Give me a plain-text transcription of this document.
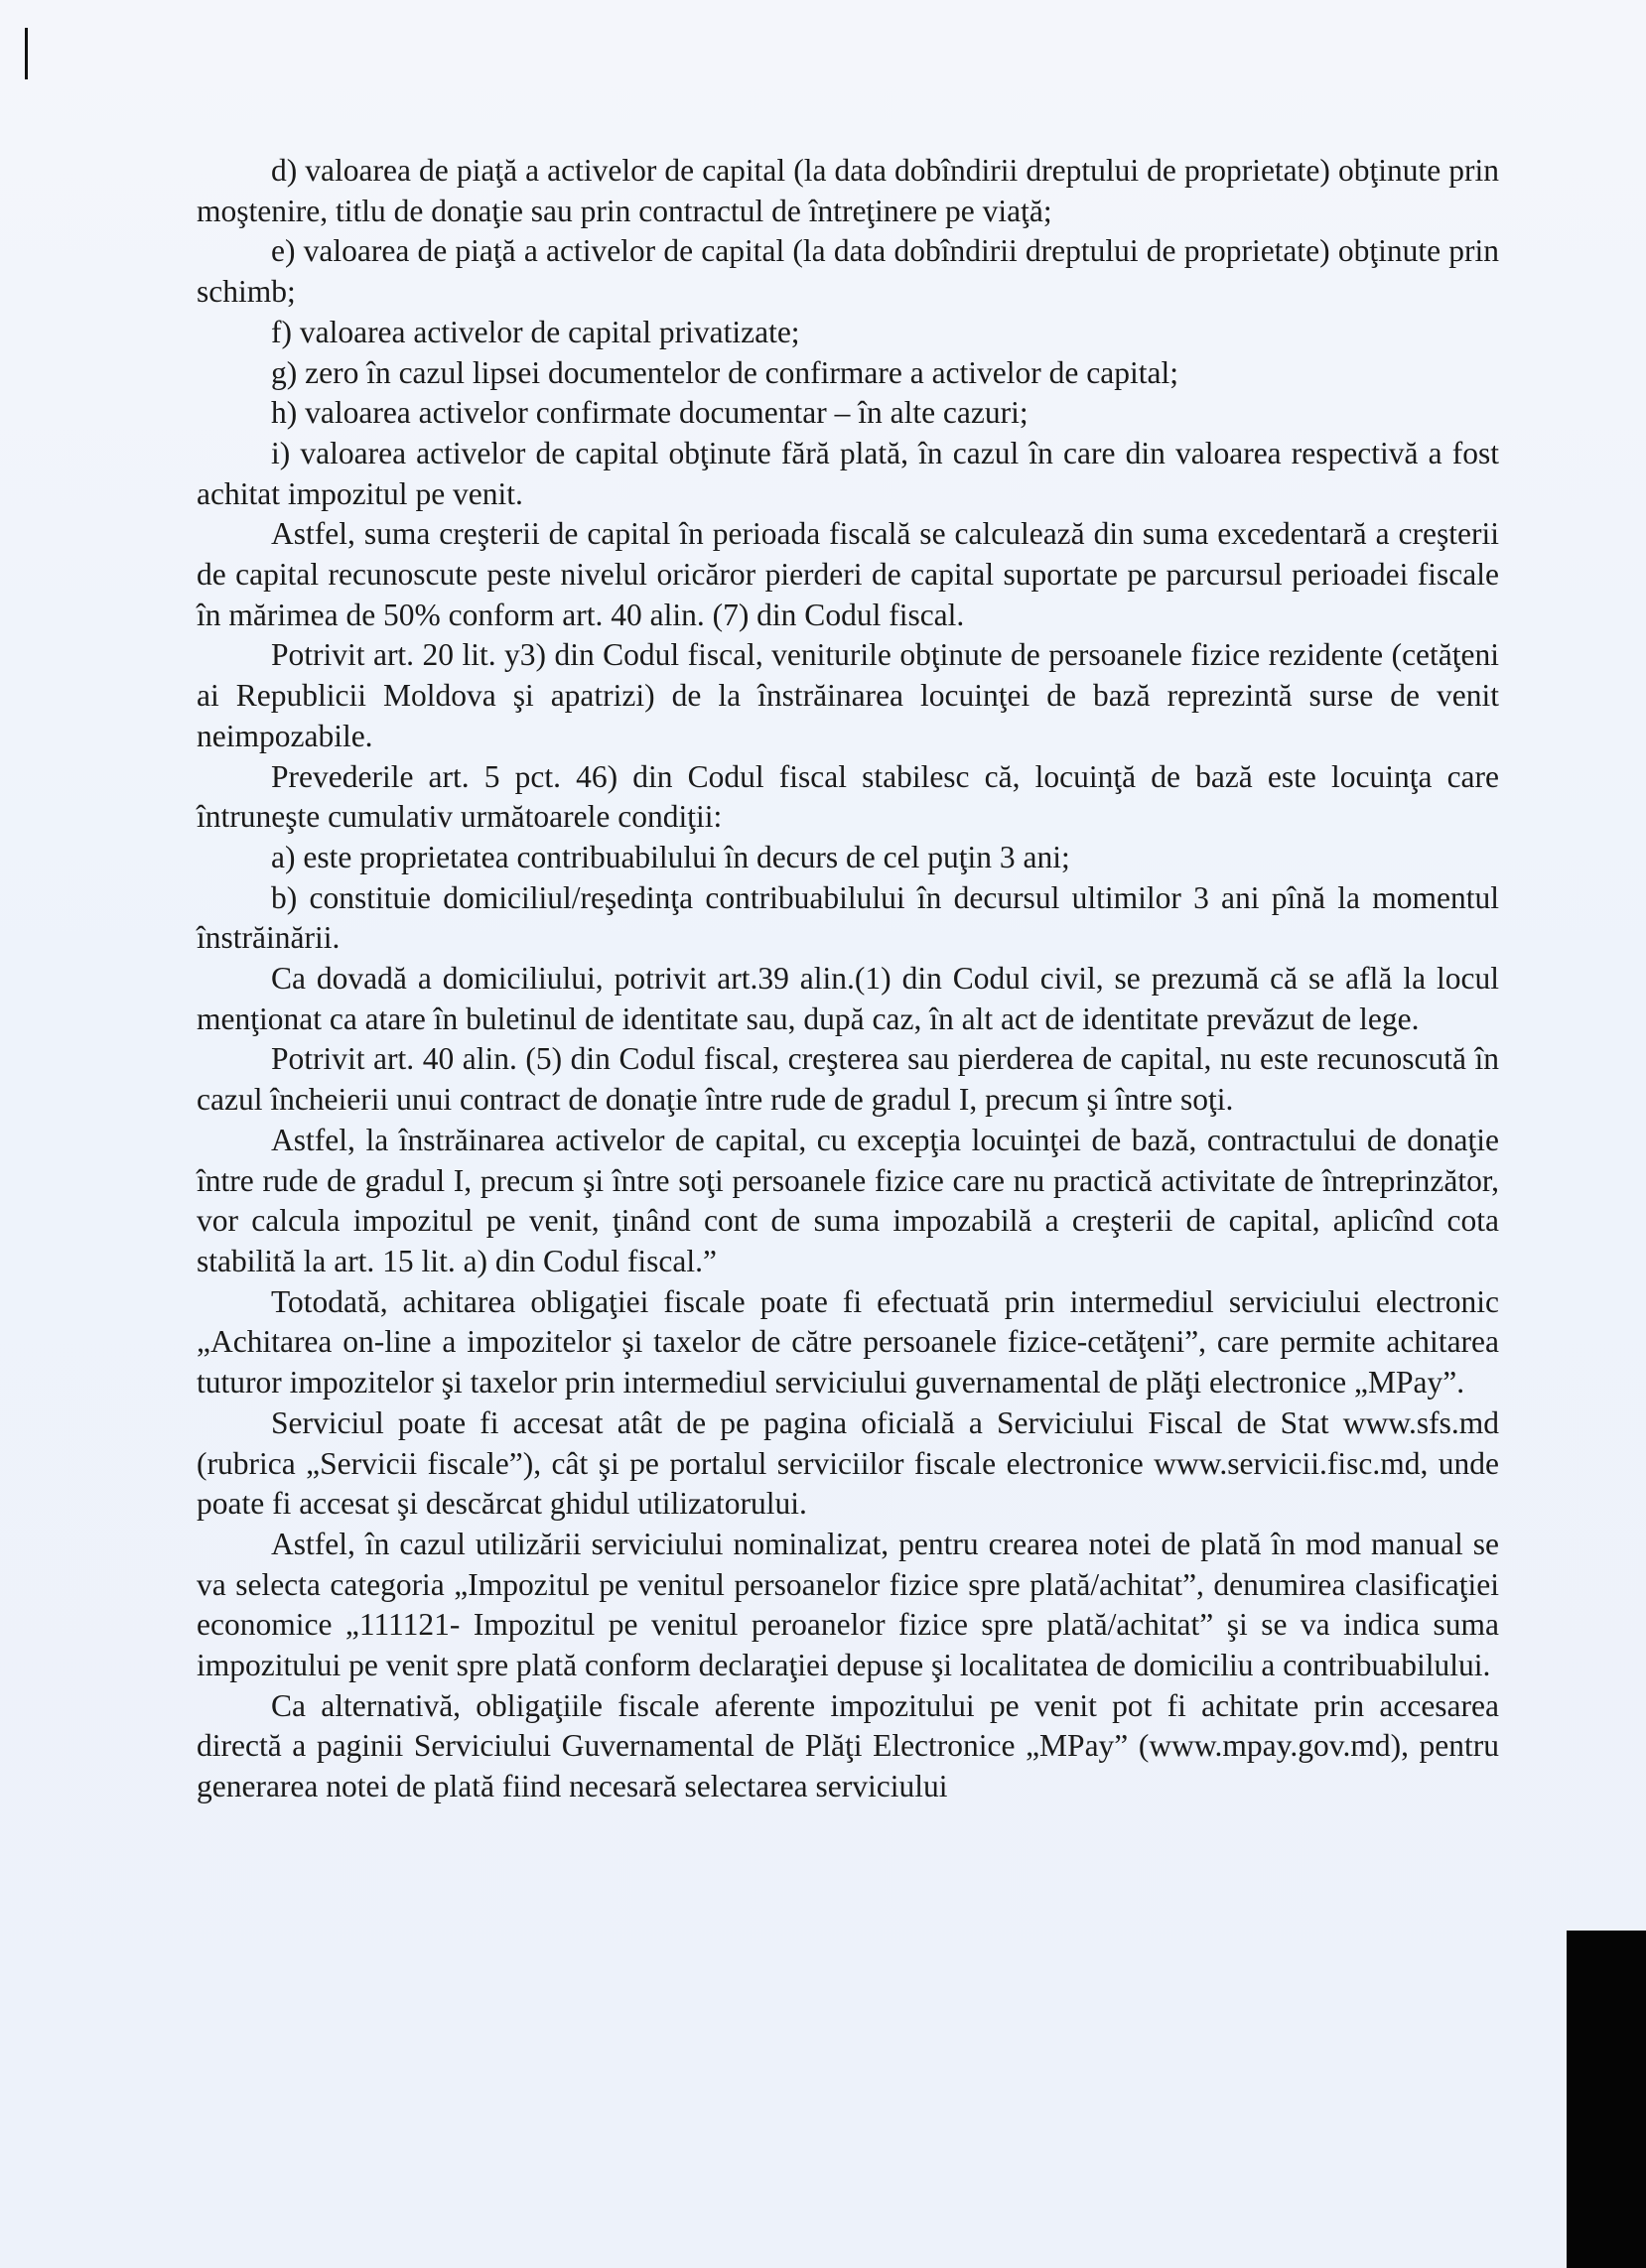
d) valoarea de piaţă a activelor de capital (la data dobîndirii dreptului de proprietate) obţinute prin moştenire, titlu de donaţie sau prin contractul de întreţinere pe viaţă;

e) valoarea de piaţă a activelor de capital (la data dobîndirii dreptului de proprietate) obţinute prin schimb;

f) valoarea activelor de capital privatizate;

g) zero în cazul lipsei documentelor de confirmare a activelor de capital;

h) valoarea activelor confirmate documentar – în alte cazuri;

i) valoarea activelor de capital obţinute fără plată, în cazul în care din valoarea respectivă a fost achitat impozitul pe venit.

Astfel, suma creşterii de capital în perioada fiscală se calculează din suma excedentară a creşterii de capital recunoscute peste nivelul oricăror pierderi de capital suportate pe parcursul perioadei fiscale în mărimea de 50% conform art. 40 alin. (7) din Codul fiscal.

Potrivit art. 20 lit. y3) din Codul fiscal, veniturile obţinute de persoanele fizice rezidente (cetăţeni ai Republicii Moldova şi apatrizi) de la înstrăinarea locuinţei de bază reprezintă surse de venit neimpozabile.

Prevederile art. 5 pct. 46) din Codul fiscal stabilesc că, locuinţă de bază este locuinţa care întruneşte cumulativ următoarele condiţii:

a) este proprietatea contribuabilului în decurs de cel puţin 3 ani;

b) constituie domiciliul/reşedinţa contribuabilului în decursul ultimilor 3 ani pînă la momentul înstrăinării.

Ca dovadă a domiciliului, potrivit art.39 alin.(1) din Codul civil, se prezumă că se află la locul menţionat ca atare în buletinul de identitate sau, după caz, în alt act de identitate prevăzut de lege.

Potrivit art. 40 alin. (5) din Codul fiscal, creşterea sau pierderea de capital, nu este recunoscută în cazul încheierii unui contract de donaţie între rude de gradul I, precum şi între soţi.

Astfel, la înstrăinarea activelor de capital, cu excepţia locuinţei de bază, contractului de donaţie între rude de gradul I, precum şi între soţi persoanele fizice care nu practică activitate de întreprinzător, vor calcula impozitul pe venit, ţinând cont de suma impozabilă a creşterii de capital, aplicînd cota stabilită la art. 15 lit. a) din Codul fiscal.”

Totodată, achitarea obligaţiei fiscale poate fi efectuată prin intermediul serviciului electronic „Achitarea on-line a impozitelor şi taxelor de către persoanele fizice-cetăţeni”, care permite achitarea tuturor impozitelor şi taxelor prin intermediul serviciului guvernamental de plăţi electronice „MPay”.

Serviciul poate fi accesat atât de pe pagina oficială a Serviciului Fiscal de Stat www.sfs.md (rubrica „Servicii fiscale”), cât şi pe portalul serviciilor fiscale electronice www.servicii.fisc.md, unde poate fi accesat şi descărcat ghidul utilizatorului.

Astfel, în cazul utilizării serviciului nominalizat, pentru crearea notei de plată în mod manual se va selecta categoria „Impozitul pe venitul persoanelor fizice spre plată/achitat”, denumirea clasificaţiei economice „111121- Impozitul pe venitul peroanelor fizice spre plată/achitat” şi se va indica suma impozitului pe venit spre plată conform declaraţiei depuse şi localitatea de domiciliu a contribuabilului.

Ca alternativă, obligaţiile fiscale aferente impozitului pe venit pot fi achitate prin accesarea directă a paginii Serviciului Guvernamental de Plăţi Electronice „MPay” (www.mpay.gov.md), pentru generarea notei de plată fiind necesară selectarea serviciului
